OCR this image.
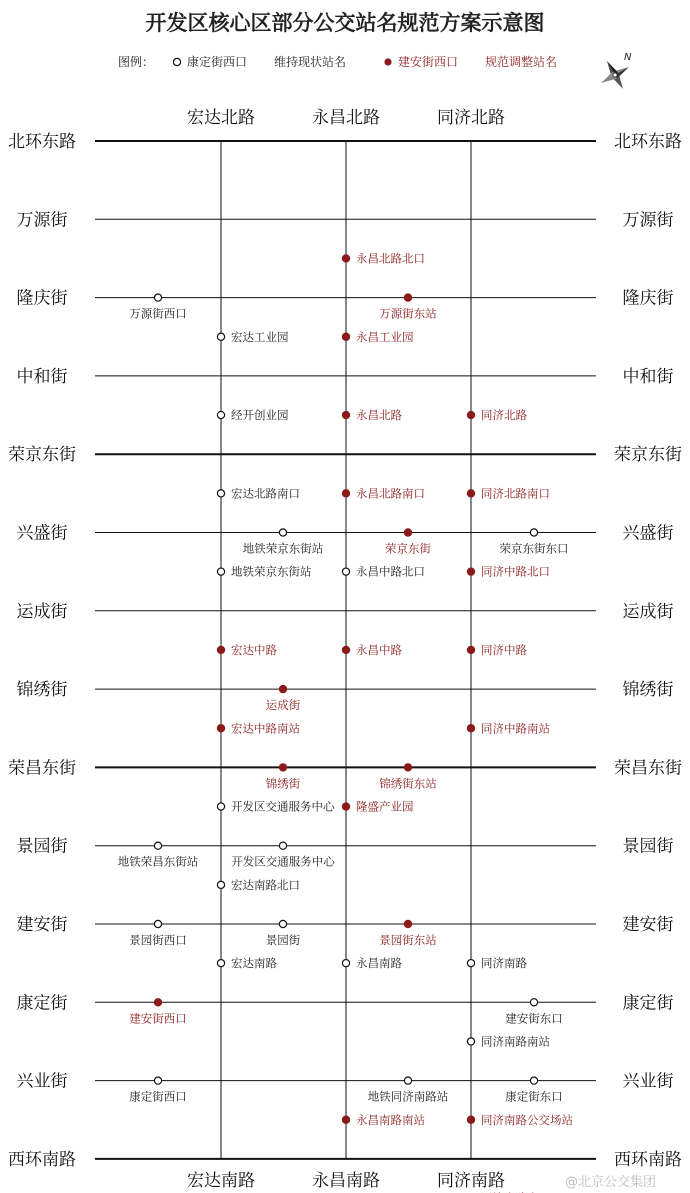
开发区核心区部分公交站名规范方案示意图
图例：	康定街西口 维持现状站名	建安街西口 规范调整站名	N
北环东路	北环东路
万源街	万源街
隆庆街	隆庆街
中和街	中和街
荣京东街	荣京东街
兴盛街	兴盛街
运成街	运成街
锦绣街	锦绣街
荣昌东街	荣昌东街
景园街	景园街
建安街	建安街
康定街	康定街
兴业街	兴业街
西环南路	西环南路
宏达北路
宏达南路
永昌北路
永昌南路
同济北路
同济南路
永昌北路北口
万源街西口	万源街东站
宏达工业园	永昌工业园
经开创业园	永昌北路	同济北路
宏达北路南口	永昌北路南口	同济北路南口
地铁荣京东街站	荣京东街	荣京东街东口
地铁荣京东街站	永昌中路北口	同济中路北口
宏达中路	永昌中路	同济中路
运成街
宏达中路南站	同济中路南站
锦绣街	锦绣街东站
开发区交通服务中心 隆盛产业园
地铁荣昌东街站	开发区交通服务中心
宏达南路北口
景园街西口	景园街	景园街东站
宏达南路	永昌南路	同济南路
建安街西口	建安街东口
同济南路南站
康定街西口	地铁同济南路站	康定街东口
永昌南路南站	同济南路公交场站
@北京公交集团
